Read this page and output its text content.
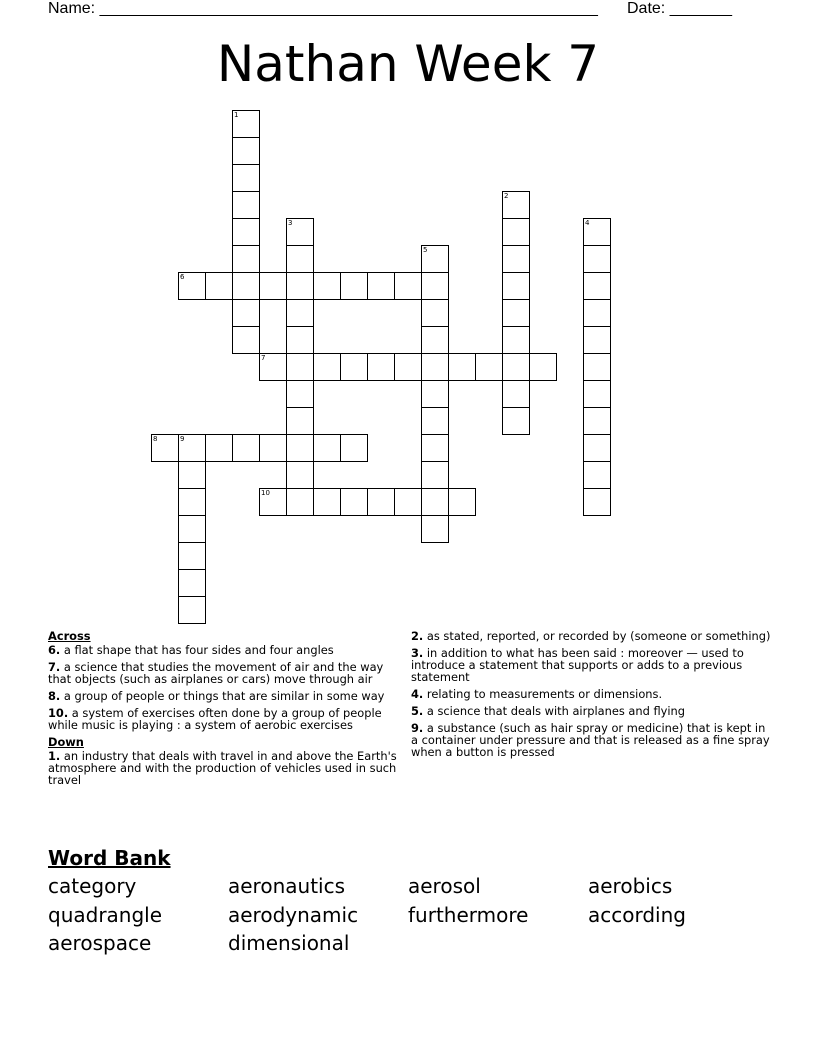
Name: ________________________________________________________ Date: _______
Nathan Week 7
1
2
3	4
5
6
7
8	9
10
Across
6. a flat shape that has four sides and four angles
7. a science that studies the movement of air and the way that objects (such as airplanes or cars) move through air
8. a group of people or things that are similar in some way
10. a system of exercises often done by a group of people while music is playing : a system of aerobic exercises
Down
1. an industry that deals with travel in and above the Earth's atmosphere and with the production of vehicles used in such travel
2. as stated, reported, or recorded by (someone or something)
3. in addition to what has been said : moreover — used to introduce a statement that supports or adds to a previous statement
4. relating to measurements or dimensions.
5. a science that deals with airplanes and flying
9. a substance (such as hair spray or medicine) that is kept in a container under pressure and that is released as a fine spray when a button is pressed
Word Bank
category	aeronautics	aerosol	aerobics
quadrangle	aerodynamic	furthermore	according
aerospace	dimensional
